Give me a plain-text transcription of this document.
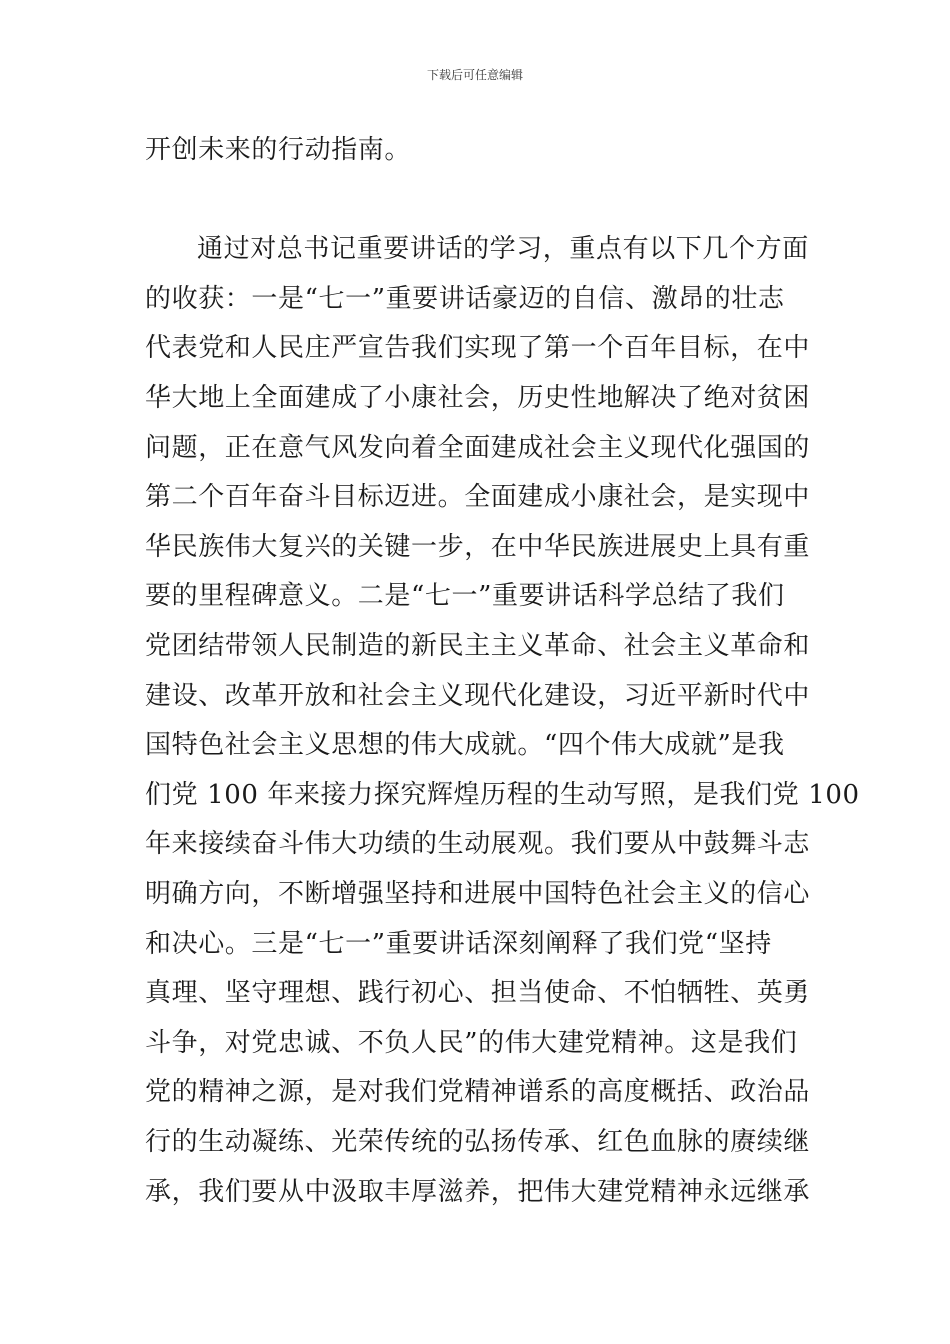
下载后可任意编辑
开创未来的行动指南。
通过对总书记重要讲话的学习，重点有以下几个方面
的收获：一是“七一”重要讲话豪迈的自信、激昂的壮志
代表党和人民庄严宣告我们实现了第一个百年目标，在中
华大地上全面建成了小康社会，历史性地解决了绝对贫困
问题，正在意气风发向着全面建成社会主义现代化强国的
第二个百年奋斗目标迈进。全面建成小康社会，是实现中
华民族伟大复兴的关键一步，在中华民族进展史上具有重
要的里程碑意义。二是“七一”重要讲话科学总结了我们
党团结带领人民制造的新民主主义革命、社会主义革命和
建设、改革开放和社会主义现代化建设，习近平新时代中
国特色社会主义思想的伟大成就。“四个伟大成就”是我
们党 100 年来接力探究辉煌历程的生动写照，是我们党 100
年来接续奋斗伟大功绩的生动展观。我们要从中鼓舞斗志
明确方向，不断增强坚持和进展中国特色社会主义的信心
和决心。三是“七一”重要讲话深刻阐释了我们党“坚持
真理、坚守理想、践行初心、担当使命、不怕牺牲、英勇
斗争，对党忠诚、不负人民”的伟大建党精神。这是我们
党的精神之源，是对我们党精神谱系的高度概括、政治品
行的生动凝练、光荣传统的弘扬传承、红色血脉的赓续继
承，我们要从中汲取丰厚滋养，把伟大建党精神永远继承
